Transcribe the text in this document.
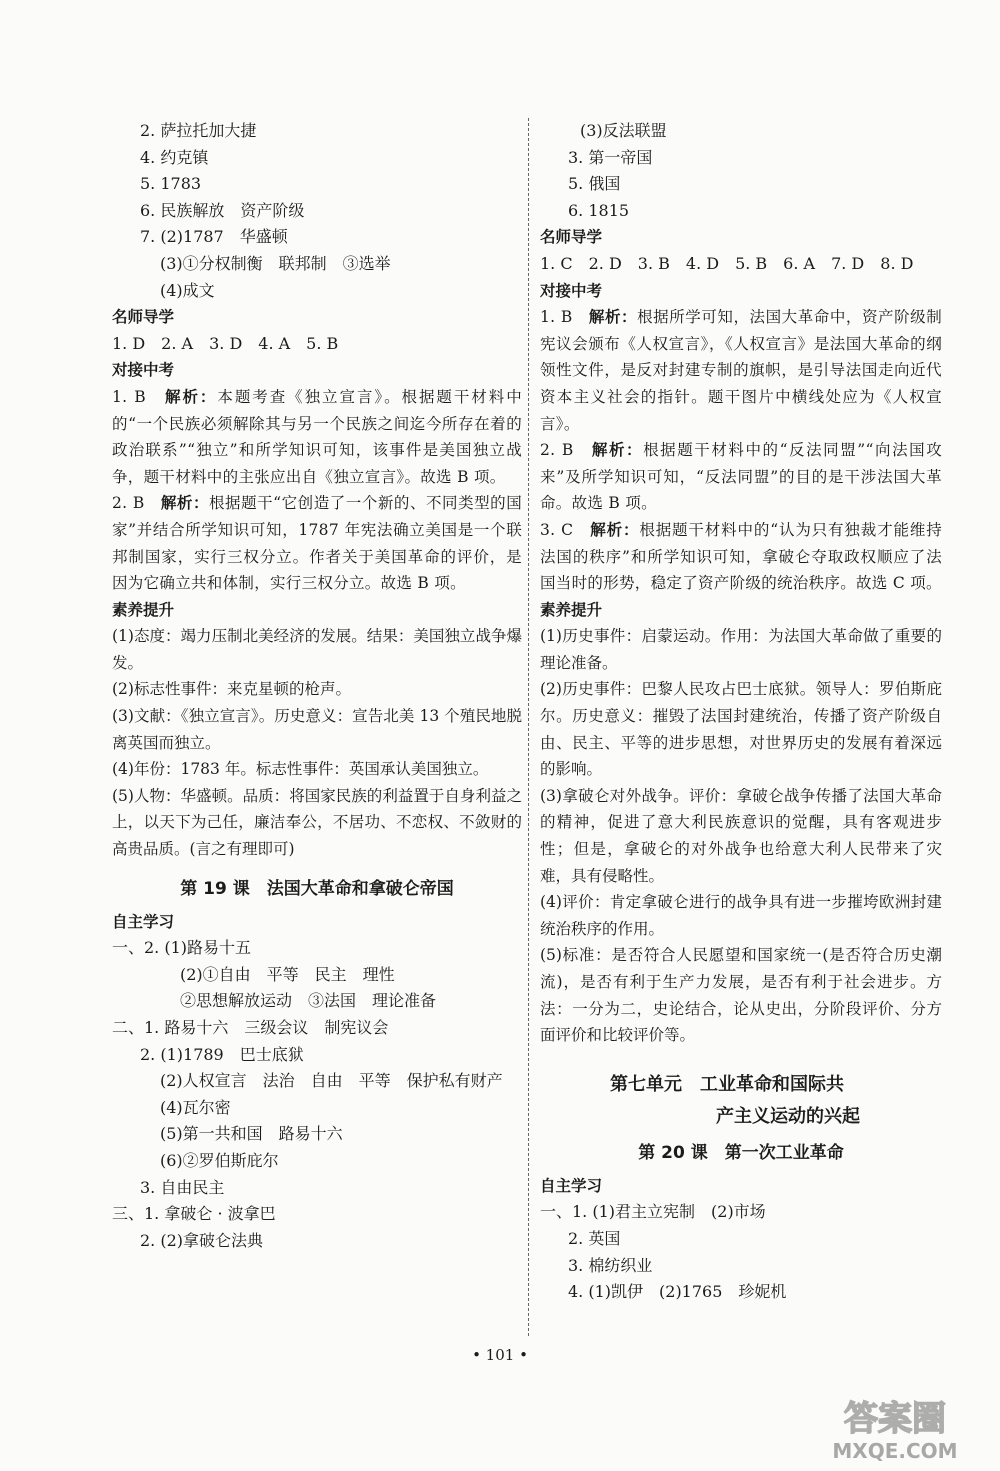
2. 萨拉托加大捷
4. 约克镇
5. 1783
6. 民族解放　资产阶级
7. (2)1787　华盛顿
(3)①分权制衡　联邦制　③选举
(4)成文
名师导学
1. D　2. A　3. D　4. A　5. B
对接中考
1. B　 解析：本题考查《独立宣言》。根据题干材料中的“一个民族必须解除其与另一个民族之间迄今所存在着的政治联系”“独立”和所学知识可知，该事件是美国独立战争，题干材料中的主张应出自《独立宣言》。故选 B 项。
2. B　 解析：根据题干“它创造了一个新的、不同类型的国家”并结合所学知识可知，1787 年宪法确立美国是一个联邦制国家，实行三权分立。作者关于美国革命的评价，是因为它确立共和体制，实行三权分立。故选 B 项。
素养提升
(1)态度：竭力压制北美经济的发展。结果：美国独立战争爆发。
(2)标志性事件：来克星顿的枪声。
(3)文献：《独立宣言》。历史意义：宣告北美 13 个殖民地脱离英国而独立。
(4)年份：1783 年。标志性事件：英国承认美国独立。
(5)人物：华盛顿。品质：将国家民族的利益置于自身利益之上，以天下为己任，廉洁奉公，不居功、不恋权、不敛财的高贵品质。(言之有理即可)
第 19 课　法国大革命和拿破仑帝国
自主学习
一、2. (1)路易十五
(2)①自由　平等　民主　理性
②思想解放运动　③法国　理论准备
二、1. 路易十六　三级会议　制宪议会
2. (1)1789　巴士底狱
(2)人权宣言　法治　自由　平等　保护私有财产
(4)瓦尔密
(5)第一共和国　路易十六
(6)②罗伯斯庇尔
3. 自由民主
三、1. 拿破仑 · 波拿巴
2. (2)拿破仑法典
(3)反法联盟
3. 第一帝国
5. 俄国
6. 1815
名师导学
1. C　2. D　3. B　4. D　5. B　6. A　7. D　8. D
对接中考
1. B　 解析：根据所学可知，法国大革命中，资产阶级制宪议会颁布《人权宣言》，《人权宣言》是法国大革命的纲领性文件，是反对封建专制的旗帜，是引导法国走向近代资本主义社会的指针。题干图片中横线处应为《人权宣言》。
2. B　 解析：根据题干材料中的“反法同盟”“向法国攻来”及所学知识可知，“反法同盟”的目的是干涉法国大革命。故选 B 项。
3. C　 解析：根据题干材料中的“认为只有独裁才能维持法国的秩序”和所学知识可知，拿破仑夺取政权顺应了法国当时的形势，稳定了资产阶级的统治秩序。故选 C 项。
素养提升
(1)历史事件：启蒙运动。作用：为法国大革命做了重要的理论准备。
(2)历史事件：巴黎人民攻占巴士底狱。领导人：罗伯斯庇尔。历史意义：摧毁了法国封建统治，传播了资产阶级自由、民主、平等的进步思想，对世界历史的发展有着深远的影响。
(3)拿破仑对外战争。评价：拿破仑战争传播了法国大革命的精神，促进了意大利民族意识的觉醒，具有客观进步性；但是，拿破仑的对外战争也给意大利人民带来了灾难，具有侵略性。
(4)评价：肯定拿破仑进行的战争具有进一步摧垮欧洲封建统治秩序的作用。
(5)标准：是否符合人民愿望和国家统一(是否符合历史潮流)，是否有利于生产力发展，是否有利于社会进步。方法：一分为二，史论结合，论从史出，分阶段评价、分方面评价和比较评价等。
第七单元　工业革命和国际共
产主义运动的兴起
第 20 课　第一次工业革命
自主学习
一、1. (1)君主立宪制　(2)市场
2. 英国
3. 棉纺织业
4. (1)凯伊　(2)1765　珍妮机
• 101 •
答案圈
MXQE.COM
